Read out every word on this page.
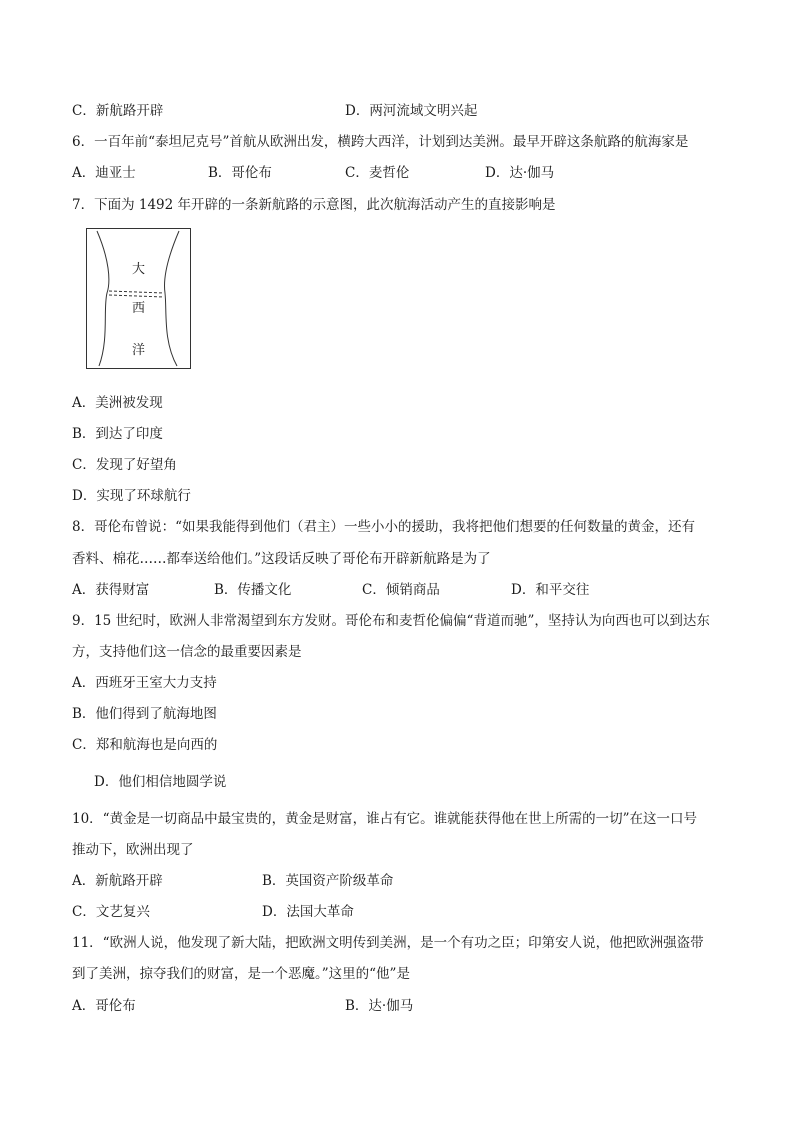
C．新航路开辟	D．两河流域文明兴起
6．一百年前“泰坦尼克号”首航从欧洲出发，横跨大西洋，计划到达美洲。最早开辟这条航路的航海家是
A．迪亚士	B．哥伦布	C．麦哲伦	D．达·伽马
7．下面为 1492 年开辟的一条新航路的示意图，此次航海活动产生的直接影响是
大
西
洋
A．美洲被发现
B．到达了印度
C．发现了好望角
D．实现了环球航行
8．哥伦布曾说：“如果我能得到他们（君主）一些小小的援助，我将把他们想要的任何数量的黄金，还有
香料、棉花……都奉送给他们。”这段话反映了哥伦布开辟新航路是为了
A．获得财富	B．传播文化	C．倾销商品	D．和平交往
9．15 世纪时，欧洲人非常渴望到东方发财。哥伦布和麦哲伦偏偏“背道而驰”，坚持认为向西也可以到达东
方，支持他们这一信念的最重要因素是
A．西班牙王室大力支持
B．他们得到了航海地图
C．郑和航海也是向西的
D．他们相信地圆学说
10．“黄金是一切商品中最宝贵的，黄金是财富，谁占有它。谁就能获得他在世上所需的一切”在这一口号
推动下，欧洲出现了
A．新航路开辟	B．英国资产阶级革命
C．文艺复兴	D．法国大革命
11．“欧洲人说，他发现了新大陆，把欧洲文明传到美洲，是一个有功之臣；印第安人说，他把欧洲强盗带
到了美洲，掠夺我们的财富，是一个恶魔。”这里的“他”是
A．哥伦布	B．达·伽马
